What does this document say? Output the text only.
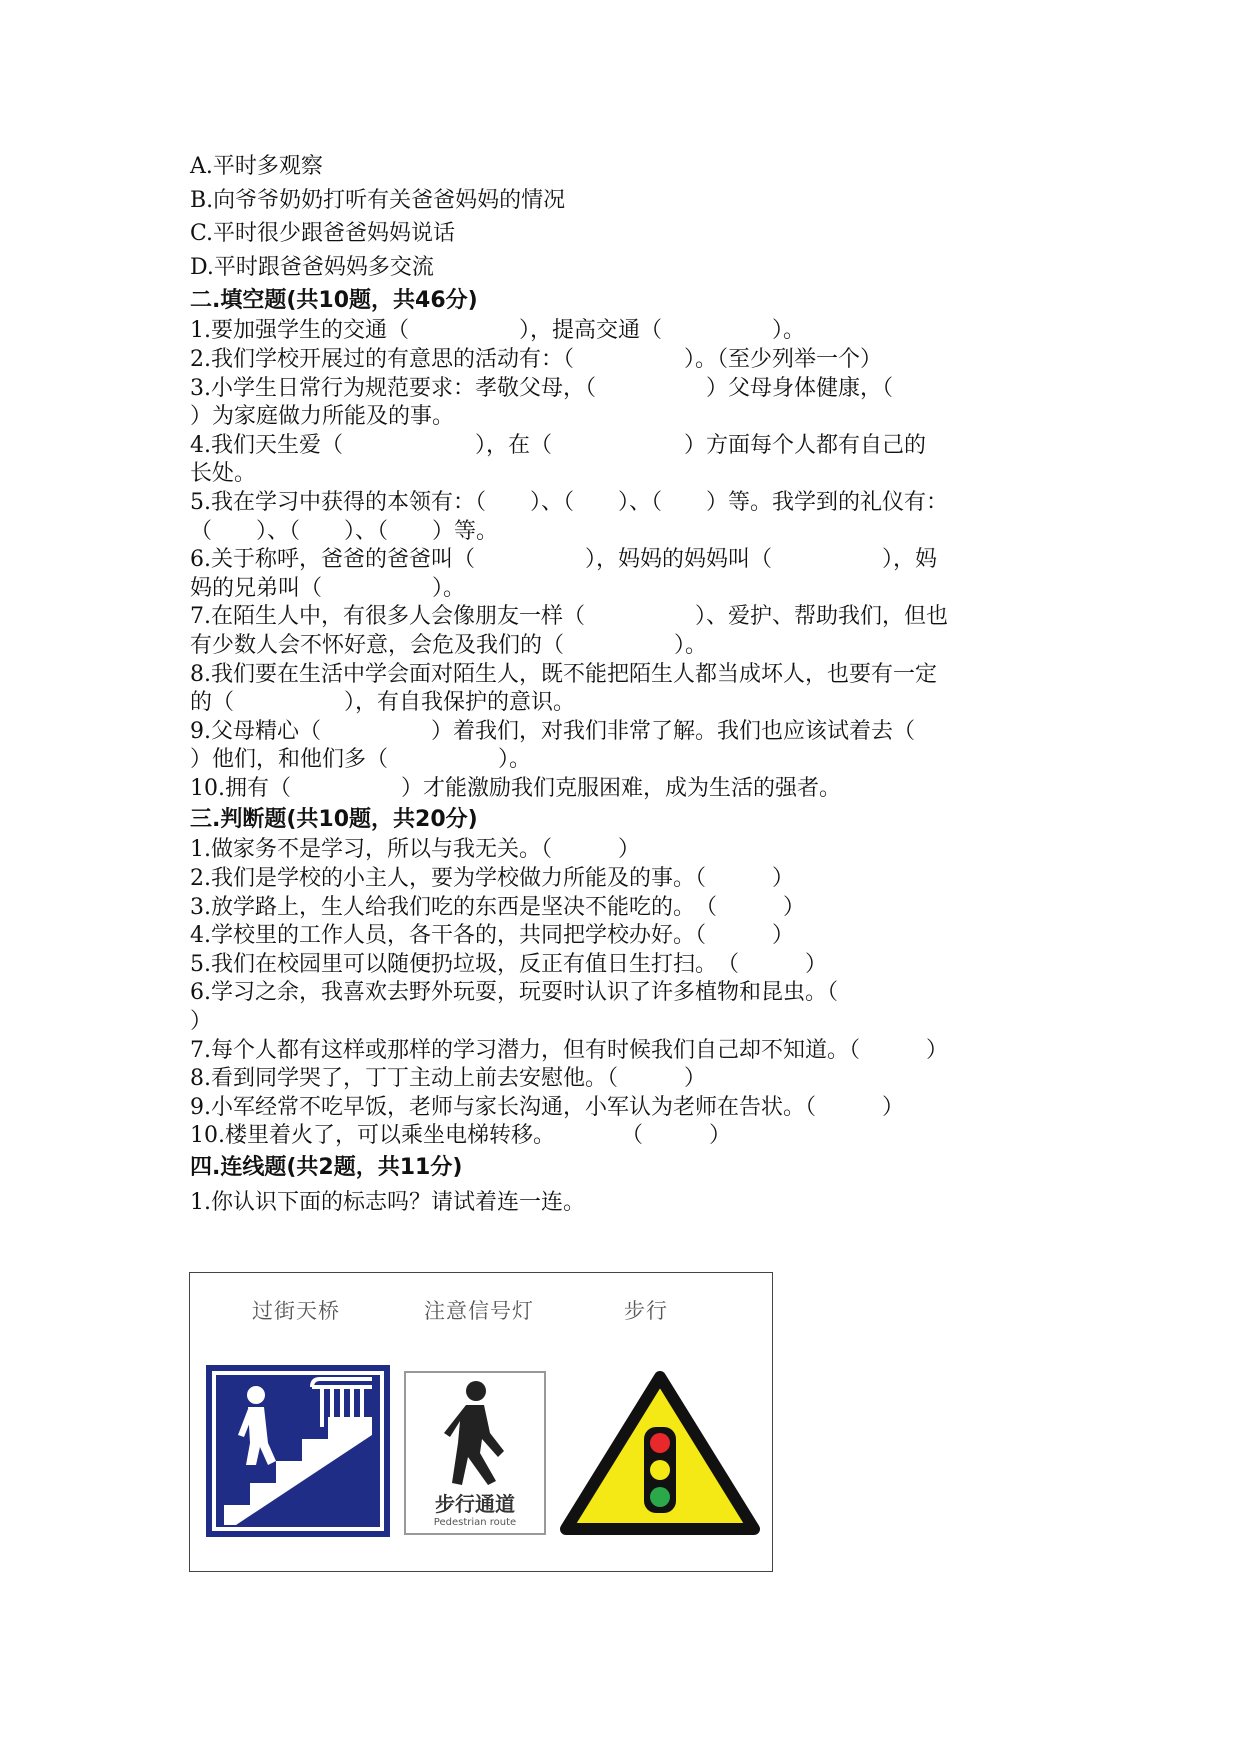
A.平时多观察
B.向爷爷奶奶打听有关爸爸妈妈的情况
C.平时很少跟爸爸妈妈说话
D.平时跟爸爸妈妈多交流
二.填空题(共10题，共46分)
1.要加强学生的交通（　　　　　），提高交通（　　　　　）。
2.我们学校开展过的有意思的活动有：（　　　　　）。（至少列举一个）
3.小学生日常行为规范要求：孝敬父母，（　　　　　）父母身体健康，（
）为家庭做力所能及的事。
4.我们天生爱（　　　　　　），在（　　　　　　）方面每个人都有自己的
长处。
5.我在学习中获得的本领有：（　　）、（　　）、（　　）等。我学到的礼仪有：
（　　）、（　　）、（　　）等。
6.关于称呼，爸爸的爸爸叫（　　　　　），妈妈的妈妈叫（　　　　　），妈
妈的兄弟叫（　　　　　）。
7.在陌生人中，有很多人会像朋友一样（　　　　　）、爱护、帮助我们，但也
有少数人会不怀好意，会危及我们的（　　　　　）。
8.我们要在生活中学会面对陌生人，既不能把陌生人都当成坏人，也要有一定
的（　　　　　），有自我保护的意识。
9.父母精心（　　　　　）着我们，对我们非常了解。我们也应该试着去（
）他们，和他们多（　　　　　）。
10.拥有（　　　　　）才能激励我们克服困难，成为生活的强者。
三.判断题(共10题，共20分)
1.做家务不是学习，所以与我无关。（　　　）
2.我们是学校的小主人，要为学校做力所能及的事。（　　　）
3.放学路上，生人给我们吃的东西是坚决不能吃的。　（　　　）
4.学校里的工作人员，各干各的，共同把学校办好。（　　　）
5.我们在校园里可以随便扔垃圾，反正有值日生打扫。　（　　　）
6.学习之余，我喜欢去野外玩耍，玩耍时认识了许多植物和昆虫。（
）
7.每个人都有这样或那样的学习潜力，但有时候我们自己却不知道。（　　　）
8.看到同学哭了，丁丁主动上前去安慰他。（　　　）
9.小军经常不吃早饭，老师与家长沟通，小军认为老师在告状。（　　　）
10.楼里着火了，可以乘坐电梯转移。　　　　（　　　）
四.连线题(共2题，共11分)
1.你认识下面的标志吗？请试着连一连。
过街天桥	注意信号灯	步行
步行通道
Pedestrian route
